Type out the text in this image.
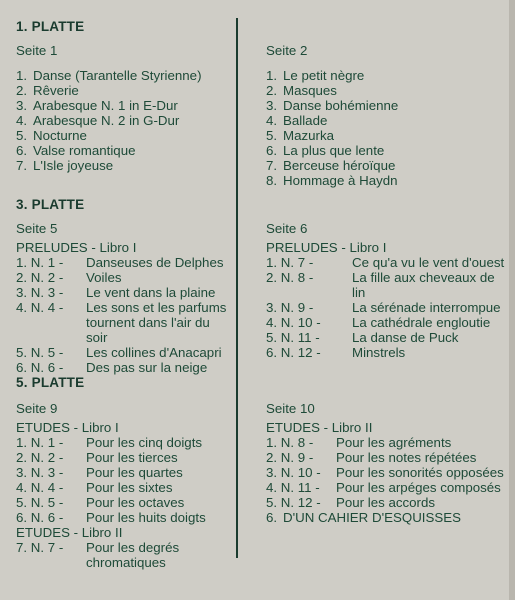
1. PLATTE
Seite 1
1. Danse (Tarantelle Styrienne)
2. Rêverie
3. Arabesque N. 1 in E-Dur
4. Arabesque N. 2 in G-Dur
5. Nocturne
6. Valse romantique
7. L'Isle joyeuse
Seite 2
1. Le petit nègre
2. Masques
3. Danse bohémienne
4. Ballade
5. Mazurka
6. La plus que lente
7. Berceuse héroïque
8. Hommage à Haydn
3. PLATTE
Seite 5
PRELUDES - Libro I
1. N. 1 -	Danseuses de Delphes
2. N. 2 -	Voiles
3. N. 3 -	Le vent dans la plaine
4. N. 4 -	Les sons et les parfums tournent dans l'air du soir
5. N. 5 -	Les collines d'Anacapri
6. N. 6 -	Des pas sur la neige
Seite 6
PRELUDES - Libro I
1. N. 7 -	Ce qu'a vu le vent d'ouest
2. N. 8 -	La fille aux cheveaux de lin
3. N. 9 -	La sérénade interrompue
4. N. 10 -	La cathédrale engloutie
5. N. 11 -	La danse de Puck
6. N. 12 -	Minstrels
5. PLATTE
Seite 9
ETUDES - Libro I
1. N. 1 -	Pour les cinq doigts
2. N. 2 -	Pour les tierces
3. N. 3 -	Pour les quartes
4. N. 4 -	Pour les sixtes
5. N. 5 -	Pour les octaves
6. N. 6 -	Pour les huits doigts
ETUDES - Libro II
7. N. 7 -	Pour les degrés chromatiques
Seite 10
ETUDES - Libro II
1. N. 8 -	Pour les agréments
2. N. 9 -	Pour les notes répétées
3. N. 10 -	Pour les sonorités opposées
4. N. 11 -	Pour les arpéges composés
5. N. 12 -	Pour les accords
6. D'UN CAHIER D'ESQUISSES
